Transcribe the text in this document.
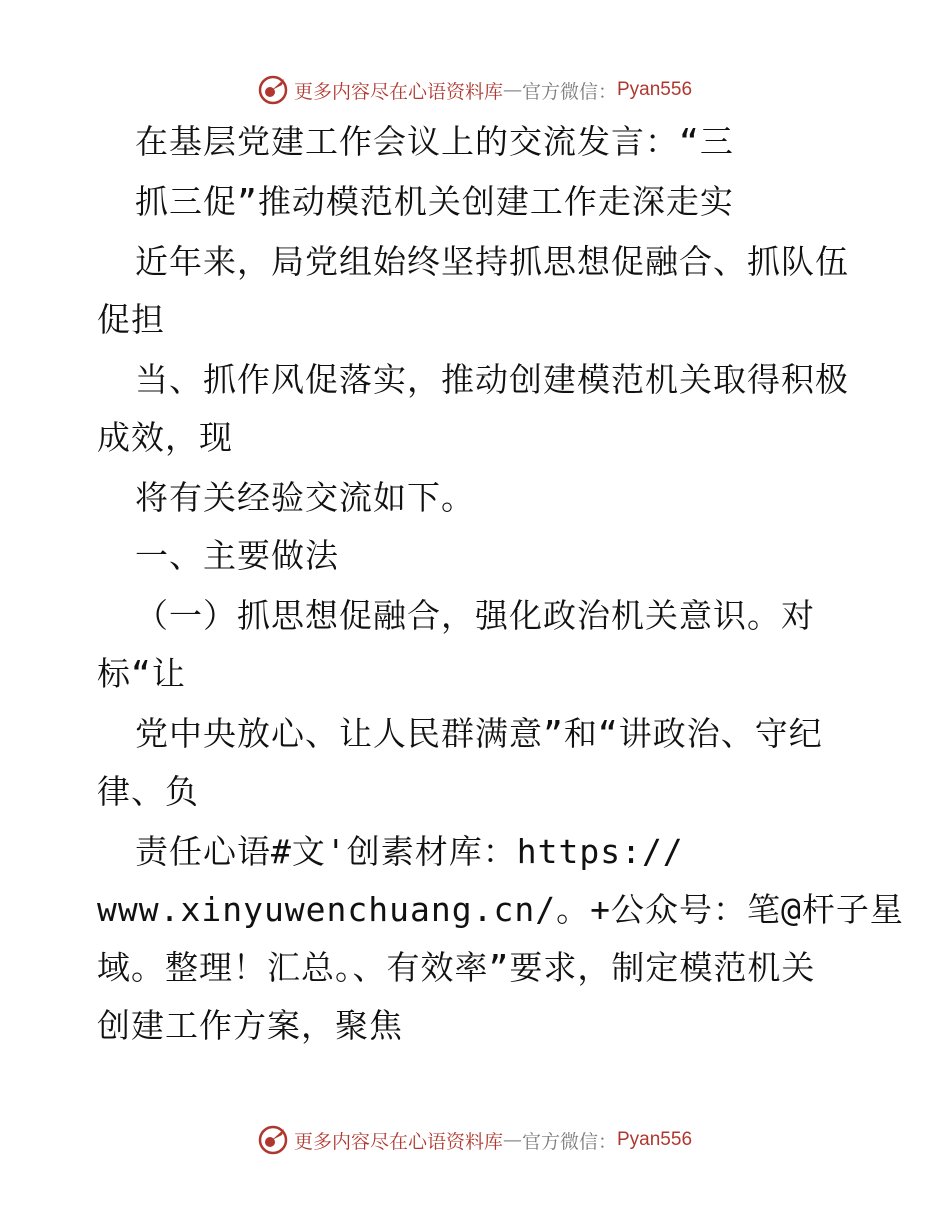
更多内容尽在心语资料库 — 官方微信： Pyan556
在基层党建工作会议上的交流发言：“三
抓三促”推动模范机关创建工作走深走实
近年来，局党组始终坚持抓思想促融合、抓队伍
促担
当、抓作风促落实，推动创建模范机关取得积极
成效，现
将有关经验交流如下。
一、主要做法
（一）抓思想促融合，强化政治机关意识。对
标“让
党中央放心、让人民群满意”和“讲政治、守纪
律、负
责任心语#文'创素材库：https://
www.xinyuwenchuang.cn/。+公众号：笔@杆子星
域。整理！汇总。、有效率”要求，制定模范机关
创建工作方案，聚焦
更多内容尽在心语资料库 — 官方微信： Pyan556
